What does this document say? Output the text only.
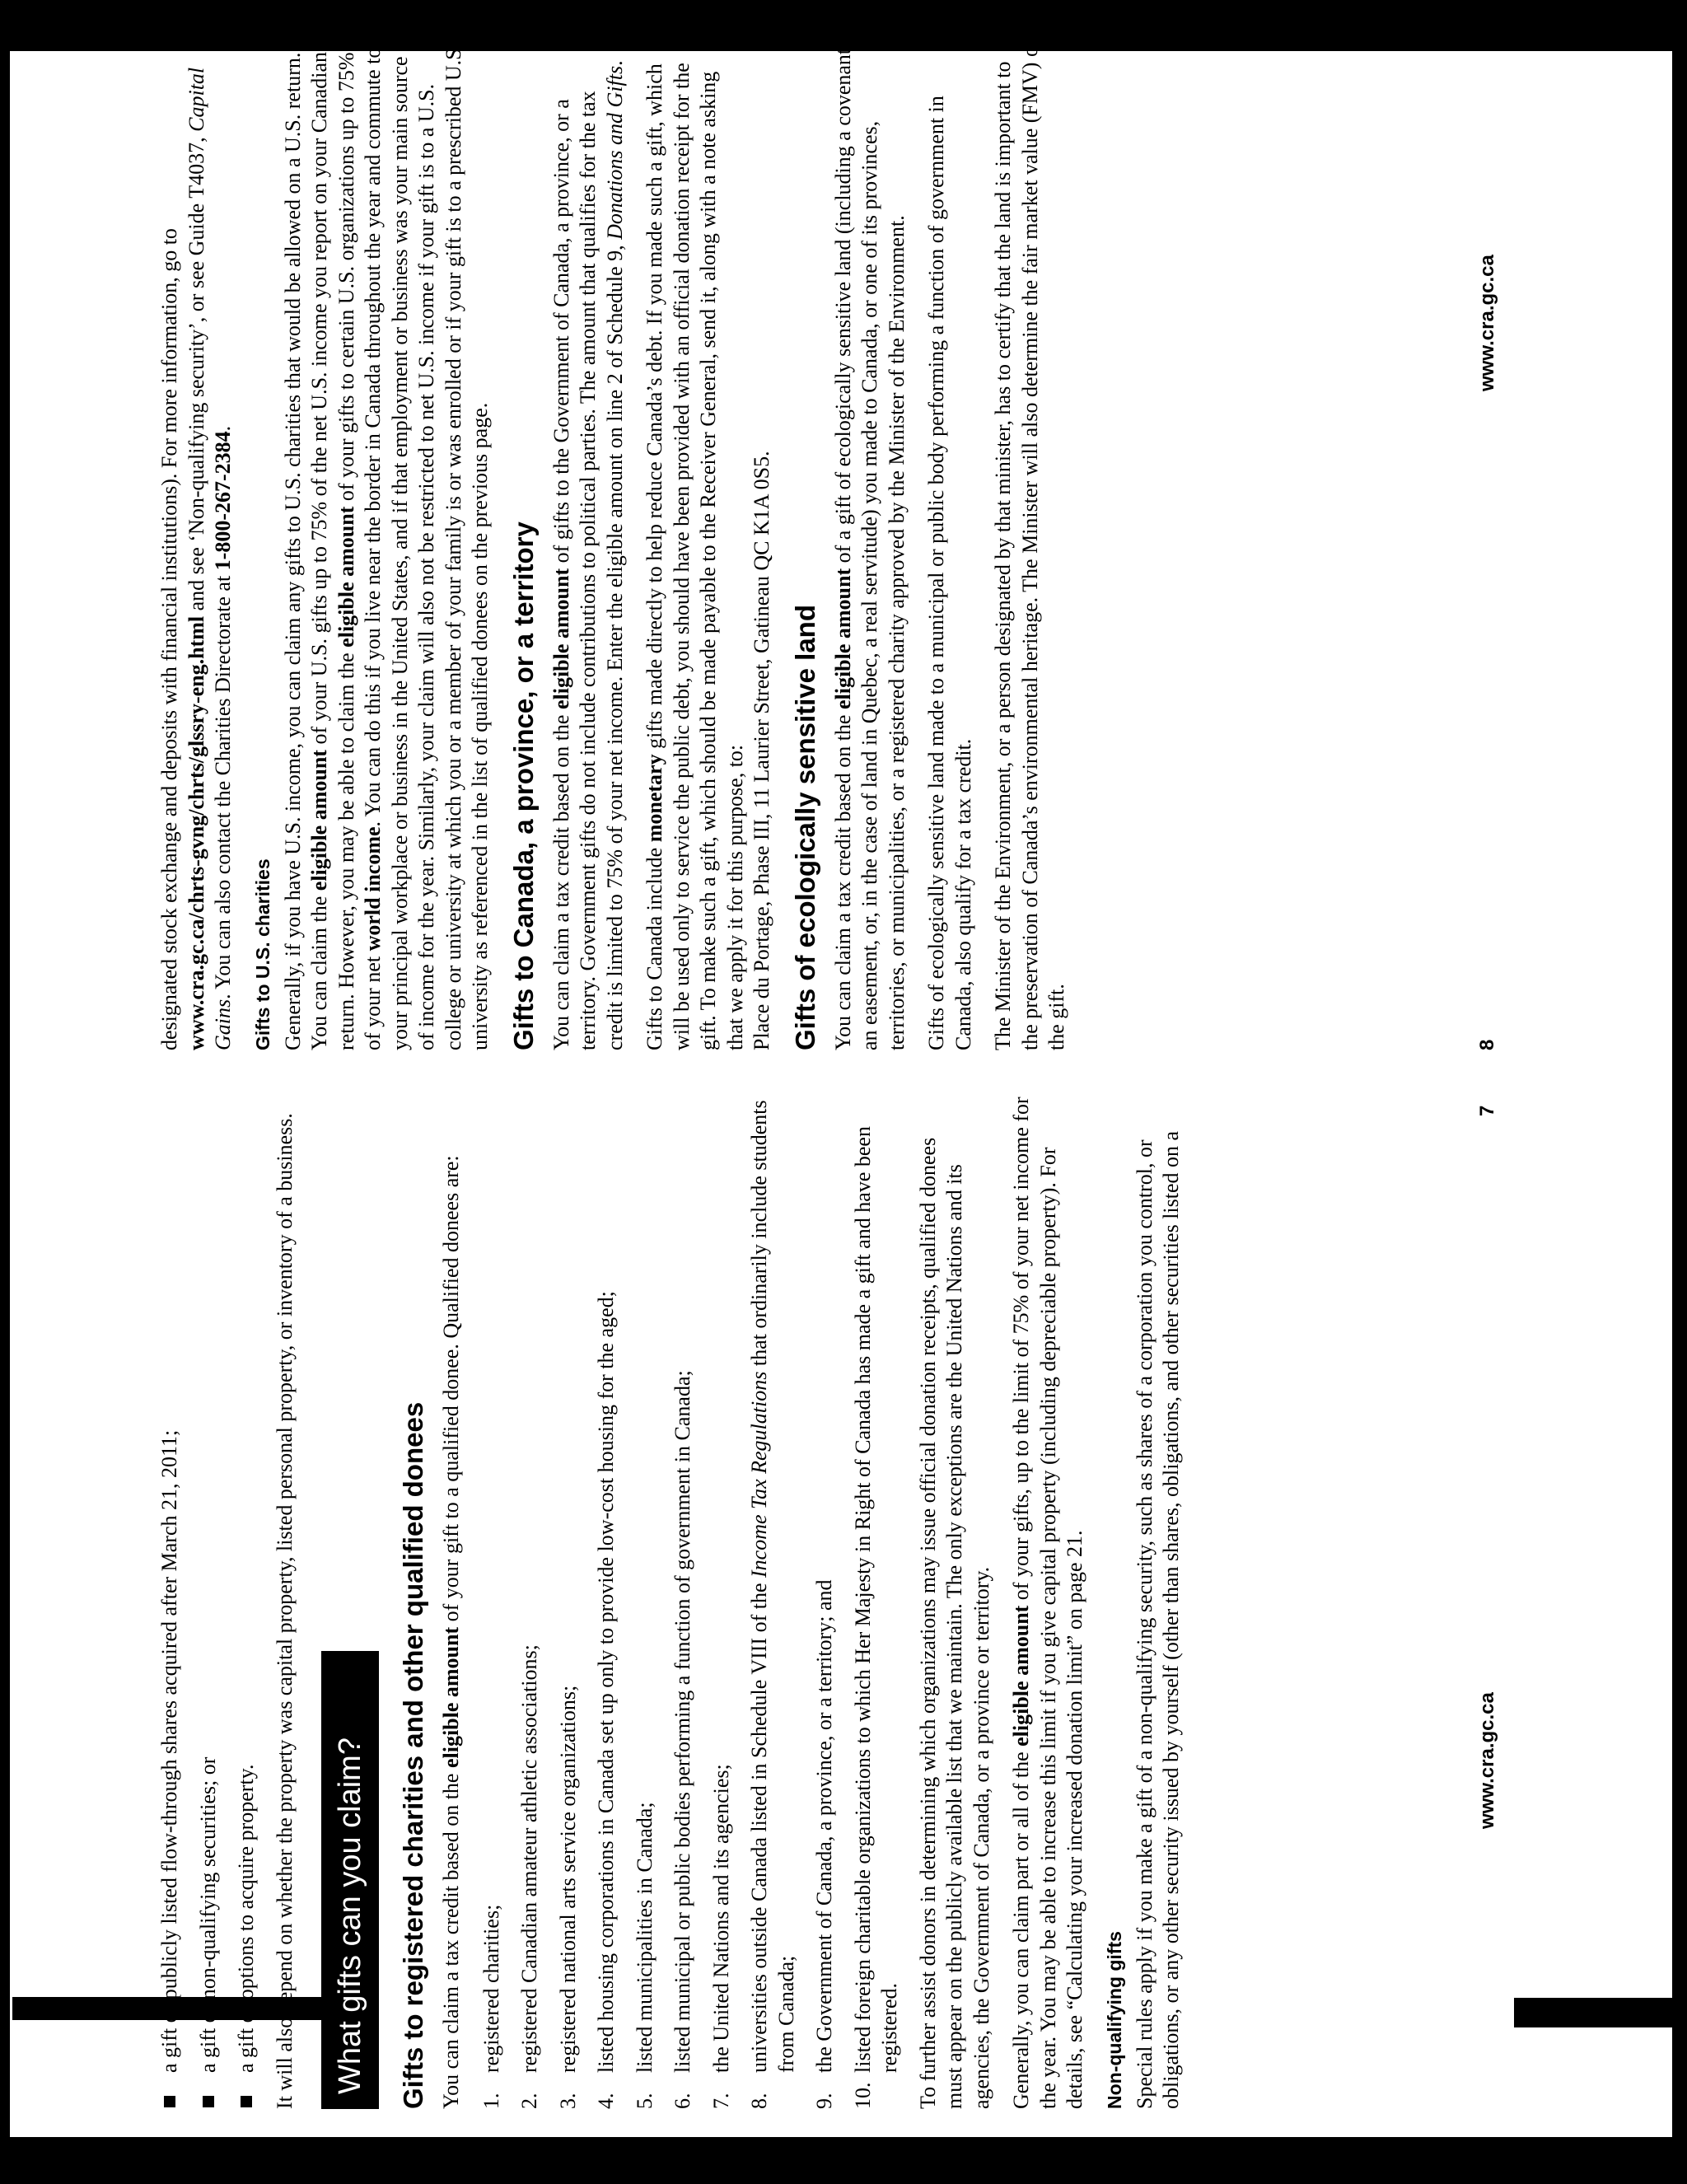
a gift of publicly listed flow-through shares acquired after March 21, 2011; a gift of non-qualifying securities; or a gift of options to acquire property. It will also depend on whether the property was capital property, listed personal property, or inventory of a business.	What gifts can you claim?	Gifts to registered charities and other qualified donees You can claim a tax credit based on the eligible amount of your gift to a qualified donee. Qualified donees are:

1.
registered charities;
2.
registered Canadian amateur athletic associations;
3.
registered national arts service organizations;
4.
listed housing corporations in Canada set up only to provide low-cost housing for the aged;
5.
listed municipalities in Canada;
6.
listed municipal or public bodies performing a function of government in Canada;
7.
the United Nations and its agencies;
8.
universities outside Canada listed in Schedule VIII of the Income Tax Regulations that ordinarily include students from Canada;
9.
the Government of Canada, a province, or a territory; and
10.
listed foreign charitable organizations to which Her Majesty in Right of Canada has made a gift and have been registered. To further assist donors in determining which organizations may issue official donation receipts, qualified donees must appear on the publicly available list that we maintain. The only exceptions are the United Nations and its agencies, the Government of Canada, or a province or territory. Generally, you can claim part or all of the eligible amount of your gifts, up to the limit of 75% of your net income for the year. You may be able to increase this limit if you give capital property (including depreciable property). For details, see “Calculating your increased donation limit” on page 21. Non-qualifying gifts Special rules apply if you make a gift of a non-qualifying security, such as shares of a corporation you control, or obligations, or any other security issued by yourself (other than shares, obligations, and other securities listed on a	www.cra.gc.ca
7

designated stock exchange and deposits with financial institutions). For more information, go to www.cra.gc.ca/chrts-gvng/chrts/glssry-eng.html and see ‘Non-qualifying security’, or see Guide T4037, Capital Gains. You can also contact the Charities Directorate at 1-800-267-2384.

Gifts to U.S. charities Generally, if you have U.S. income, you can claim any gifts to U.S. charities that would be allowed on a U.S. return. You can claim the eligible amount of your U.S. gifts up to 75% of the net U.S. income you report on your Canadian return. However, you may be able to claim the eligible amount of your gifts to certain U.S. organizations up to 75% of your net world income. You can do this if you live near the border in Canada throughout the year and commute to your principal workplace or business in the United States, and if that employment or business was your main source of income for the year. Similarly, your claim will also not be restricted to net U.S. income if your gift is to a U.S. college or university at which you or a member of your family is or was enrolled or if your gift is to a prescribed U.S. university as referenced in the list of qualified donees on the previous page. Gifts to Canada, a province, or a territory You can claim a tax credit based on the eligible amount of gifts to the Government of Canada, a province, or a territory. Government gifts do not include contributions to political parties. The amount that qualifies for the tax credit is limited to 75% of your net income. Enter the eligible amount on line 2 of Schedule 9, Donations and Gifts.

Gifts to Canada include monetary gifts made directly to help reduce Canada’s debt. If you made such a gift, which will be used only to service the public debt, you should have been provided with an official donation receipt for the gift. To make such a gift, which should be made payable to the Receiver General, send it, along with a note asking that we apply it for this purpose, to: Place du Portage, Phase III, 11 Laurier Street, Gatineau QC K1A 0S5. Gifts of ecologically sensitive land You can claim a tax credit based on the eligible amount of a gift of ecologically sensitive land (including a covenant, an easement, or, in the case of land in Quebec, a real servitude) you made to Canada, or one of its provinces, territories, or municipalities, or a registered charity approved by the Minister of the Environment. Gifts of ecologically sensitive land made to a municipal or public body performing a function of government in Canada, also qualify for a tax credit. The Minister of the Environment, or a person designated by that minister, has to certify that the land is important to the preservation of Canada’s environmental heritage. The Minister will also determine the fair market value (FMV) of the gift.	8
www.cra.gc.ca
